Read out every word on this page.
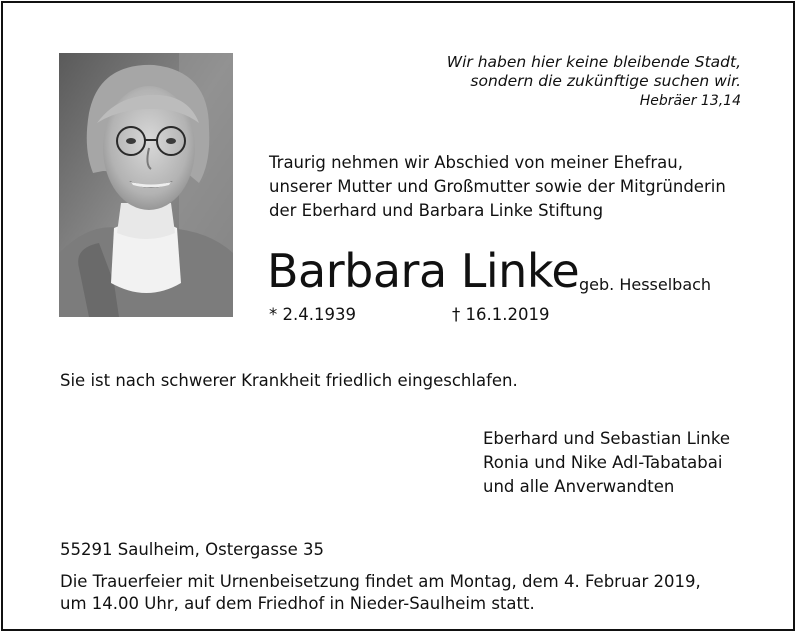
Wir haben hier keine bleibende Stadt,
sondern die zukünftige suchen wir.
Hebräer 13,14
Traurig nehmen wir Abschied von meiner Ehefrau,
unserer Mutter und Großmutter sowie der Mitgründerin
der Eberhard und Barbara Linke Stiftung
Barbara Linke geb. Hesselbach
* 2.4.1939	† 16.1.2019
Sie ist nach schwerer Krankheit friedlich eingeschlafen.
Eberhard und Sebastian Linke
Ronia und Nike Adl-Tabatabai
und alle Anverwandten
55291 Saulheim, Ostergasse 35
Die Trauerfeier mit Urnenbeisetzung findet am Montag, dem 4. Februar 2019,
um 14.00 Uhr, auf dem Friedhof in Nieder-Saulheim statt.
